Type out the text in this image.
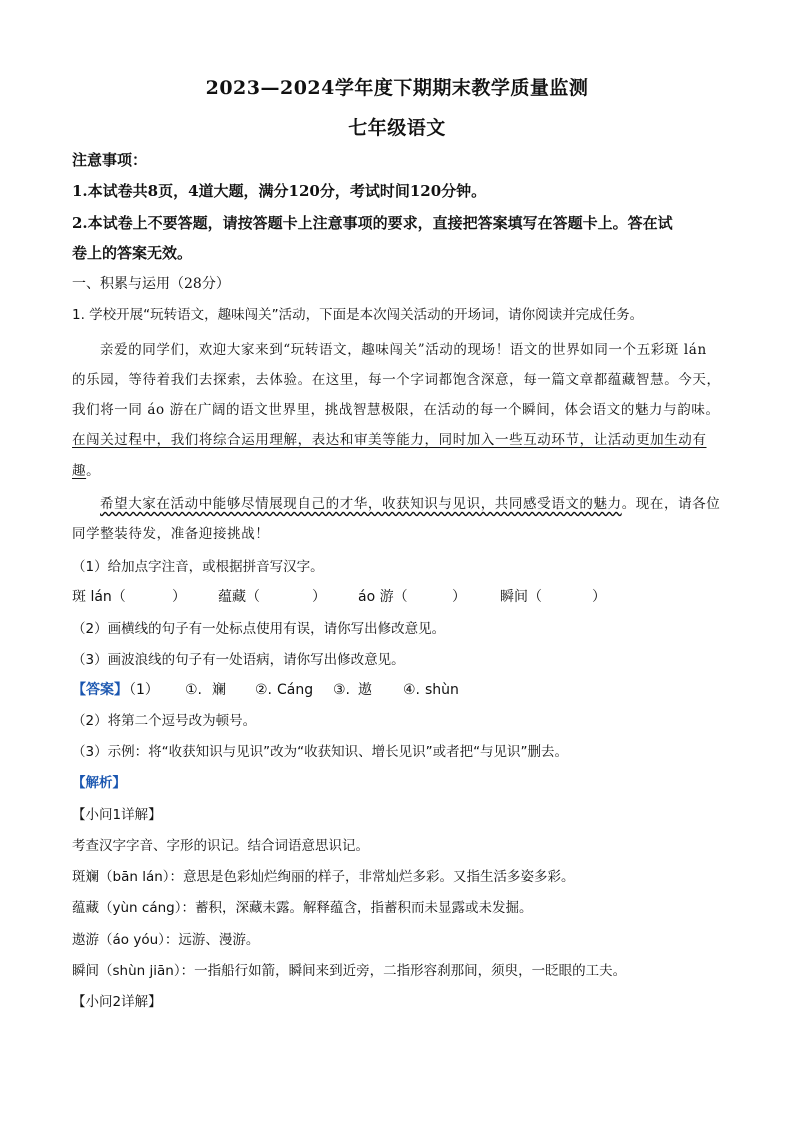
2023—2024学年度下期期末教学质量监测
七年级语文
注意事项：
1.本试卷共8页，4道大题，满分120分，考试时间120分钟。
2.本试卷上不要答题，请按答题卡上注意事项的要求，直接把答案填写在答题卡上。答在试
卷上的答案无效。
一、积累与运用（28分）
1. 学校开展“玩转语文，趣味闯关”活动，下面是本次闯关活动的开场词，请你阅读并完成任务。
亲爱的同学们，欢迎大家来到“玩转语文，趣味闯关”活动的现场！语文的世界如同一个五彩斑 lán
的乐园，等待着我们去探索，去体验。在这里，每一个字词都饱含深意，每一篇文章都蕴藏智慧。今天，
我们将一同 áo 游在广阔的语文世界里，挑战智慧极限，在活动的每一个瞬间，体会语文的魅力与韵味。
在闯关过程中，我们将综合运用理解，表达和审美等能力，同时加入一些互动环节，让活动更加生动有
趣。
希望大家在活动中能够尽情展现自己的才华，收获知识与见识，共同感受语文的魅力。现在，请各位
同学整装待发，准备迎接挑战！
（1）给加点字注音，或根据拼音写汉字。
斑 lán（	） 蕴藏（	） áo 游（	） 瞬间（	）
（2）画横线的句子有一处标点使用有误，请你写出修改意见。
（3）画波浪线的句子有一处语病，请你写出修改意见。
【答案】
（1） ①. 斓 ②. Cáng ③. 遨 ④. shùn
（2）将第二个逗号改为顿号。
（3）示例：将“收获知识与见识”改为“收获知识、增长见识”或者把“与见识”删去。
【解析】
【小问1详解】
考查汉字字音、字形的识记。结合词语意思识记。
斑斓（bān lán）：意思是色彩灿烂绚丽的样子，非常灿烂多彩。又指生活多姿多彩。
蕴藏（yùn cáng）：蓄积，深藏未露。解释蕴含，指蓄积而未显露或未发掘。
遨游（áo yóu）：远游、漫游。
瞬间（shùn jiān）：一指船行如箭，瞬间来到近旁，二指形容刹那间，须臾，一眨眼的工夫。
【小问2详解】
